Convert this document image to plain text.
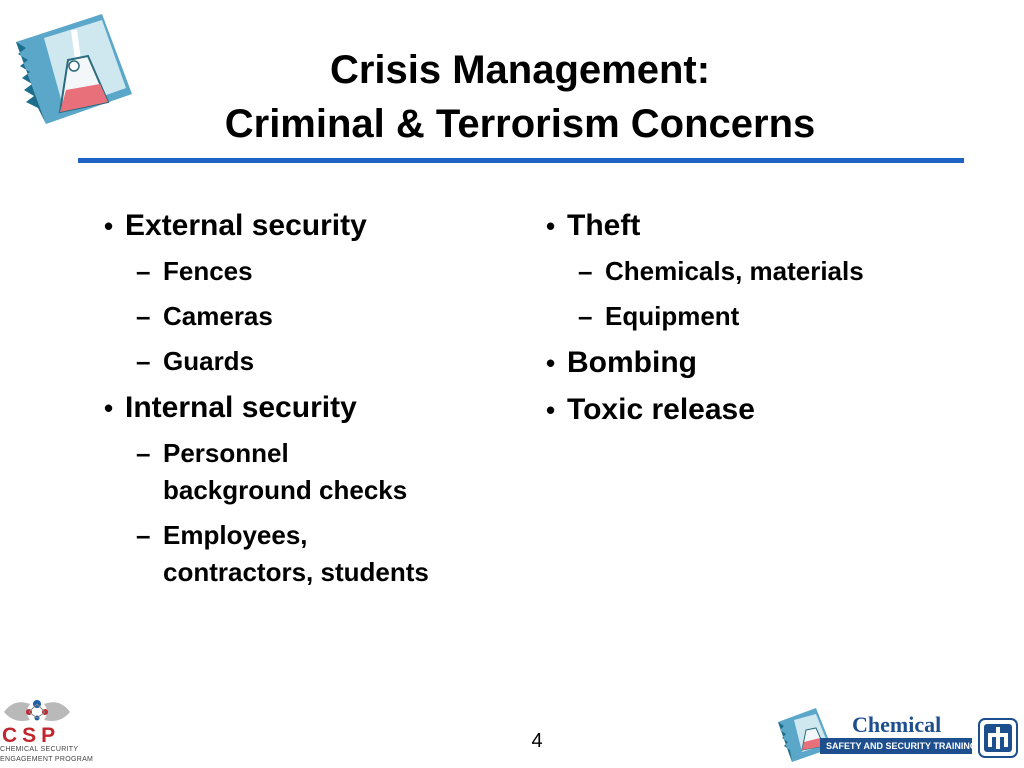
Crisis Management:
Criminal & Terrorism Concerns
• External security
– Fences
– Cameras
– Guards
• Internal security
– Personnel
background checks
– Employees,
contractors, students
• Theft
– Chemicals, materials
– Equipment
• Bombing
• Toxic release
CSP
CHEMICAL SECURITY
ENGAGEMENT PROGRAM
4
Chemical
SAFETY AND SECURITY TRAINING
